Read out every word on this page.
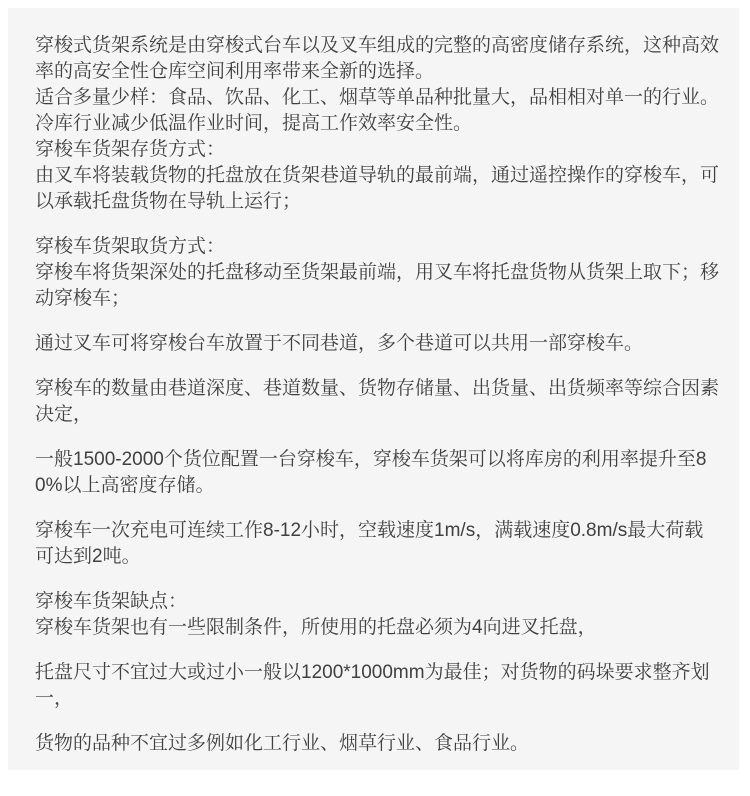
穿梭式货架系统是由穿梭式台车以及叉车组成的完整的高密度储存系统，这种高效率的高安全性仓库空间利用率带来全新的选择。
适合多量少样：食品、饮品、化工、烟草等单品种批量大，品相相对单一的行业。
冷库行业减少低温作业时间，提高工作效率安全性。
穿梭车货架存货方式：
由叉车将装载货物的托盘放在货架巷道导轨的最前端，通过遥控操作的穿梭车，可以承载托盘货物在导轨上运行；

穿梭车货架取货方式：
穿梭车将货架深处的托盘移动至货架最前端，用叉车将托盘货物从货架上取下；移动穿梭车；

通过叉车可将穿梭台车放置于不同巷道，多个巷道可以共用一部穿梭车。

穿梭车的数量由巷道深度、巷道数量、货物存储量、出货量、出货频率等综合因素决定，

一般1500-2000个货位配置一台穿梭车，穿梭车货架可以将库房的利用率提升至80%以上高密度存储。

穿梭车一次充电可连续工作8-12小时，空载速度1m/s，满载速度0.8m/s最大荷载可达到2吨。

穿梭车货架缺点：
穿梭车货架也有一些限制条件，所使用的托盘必须为4向进叉托盘，

托盘尺寸不宜过大或过小一般以1200*1000mm为最佳；对货物的码垛要求整齐划一，

货物的品种不宜过多例如化工行业、烟草行业、食品行业。
